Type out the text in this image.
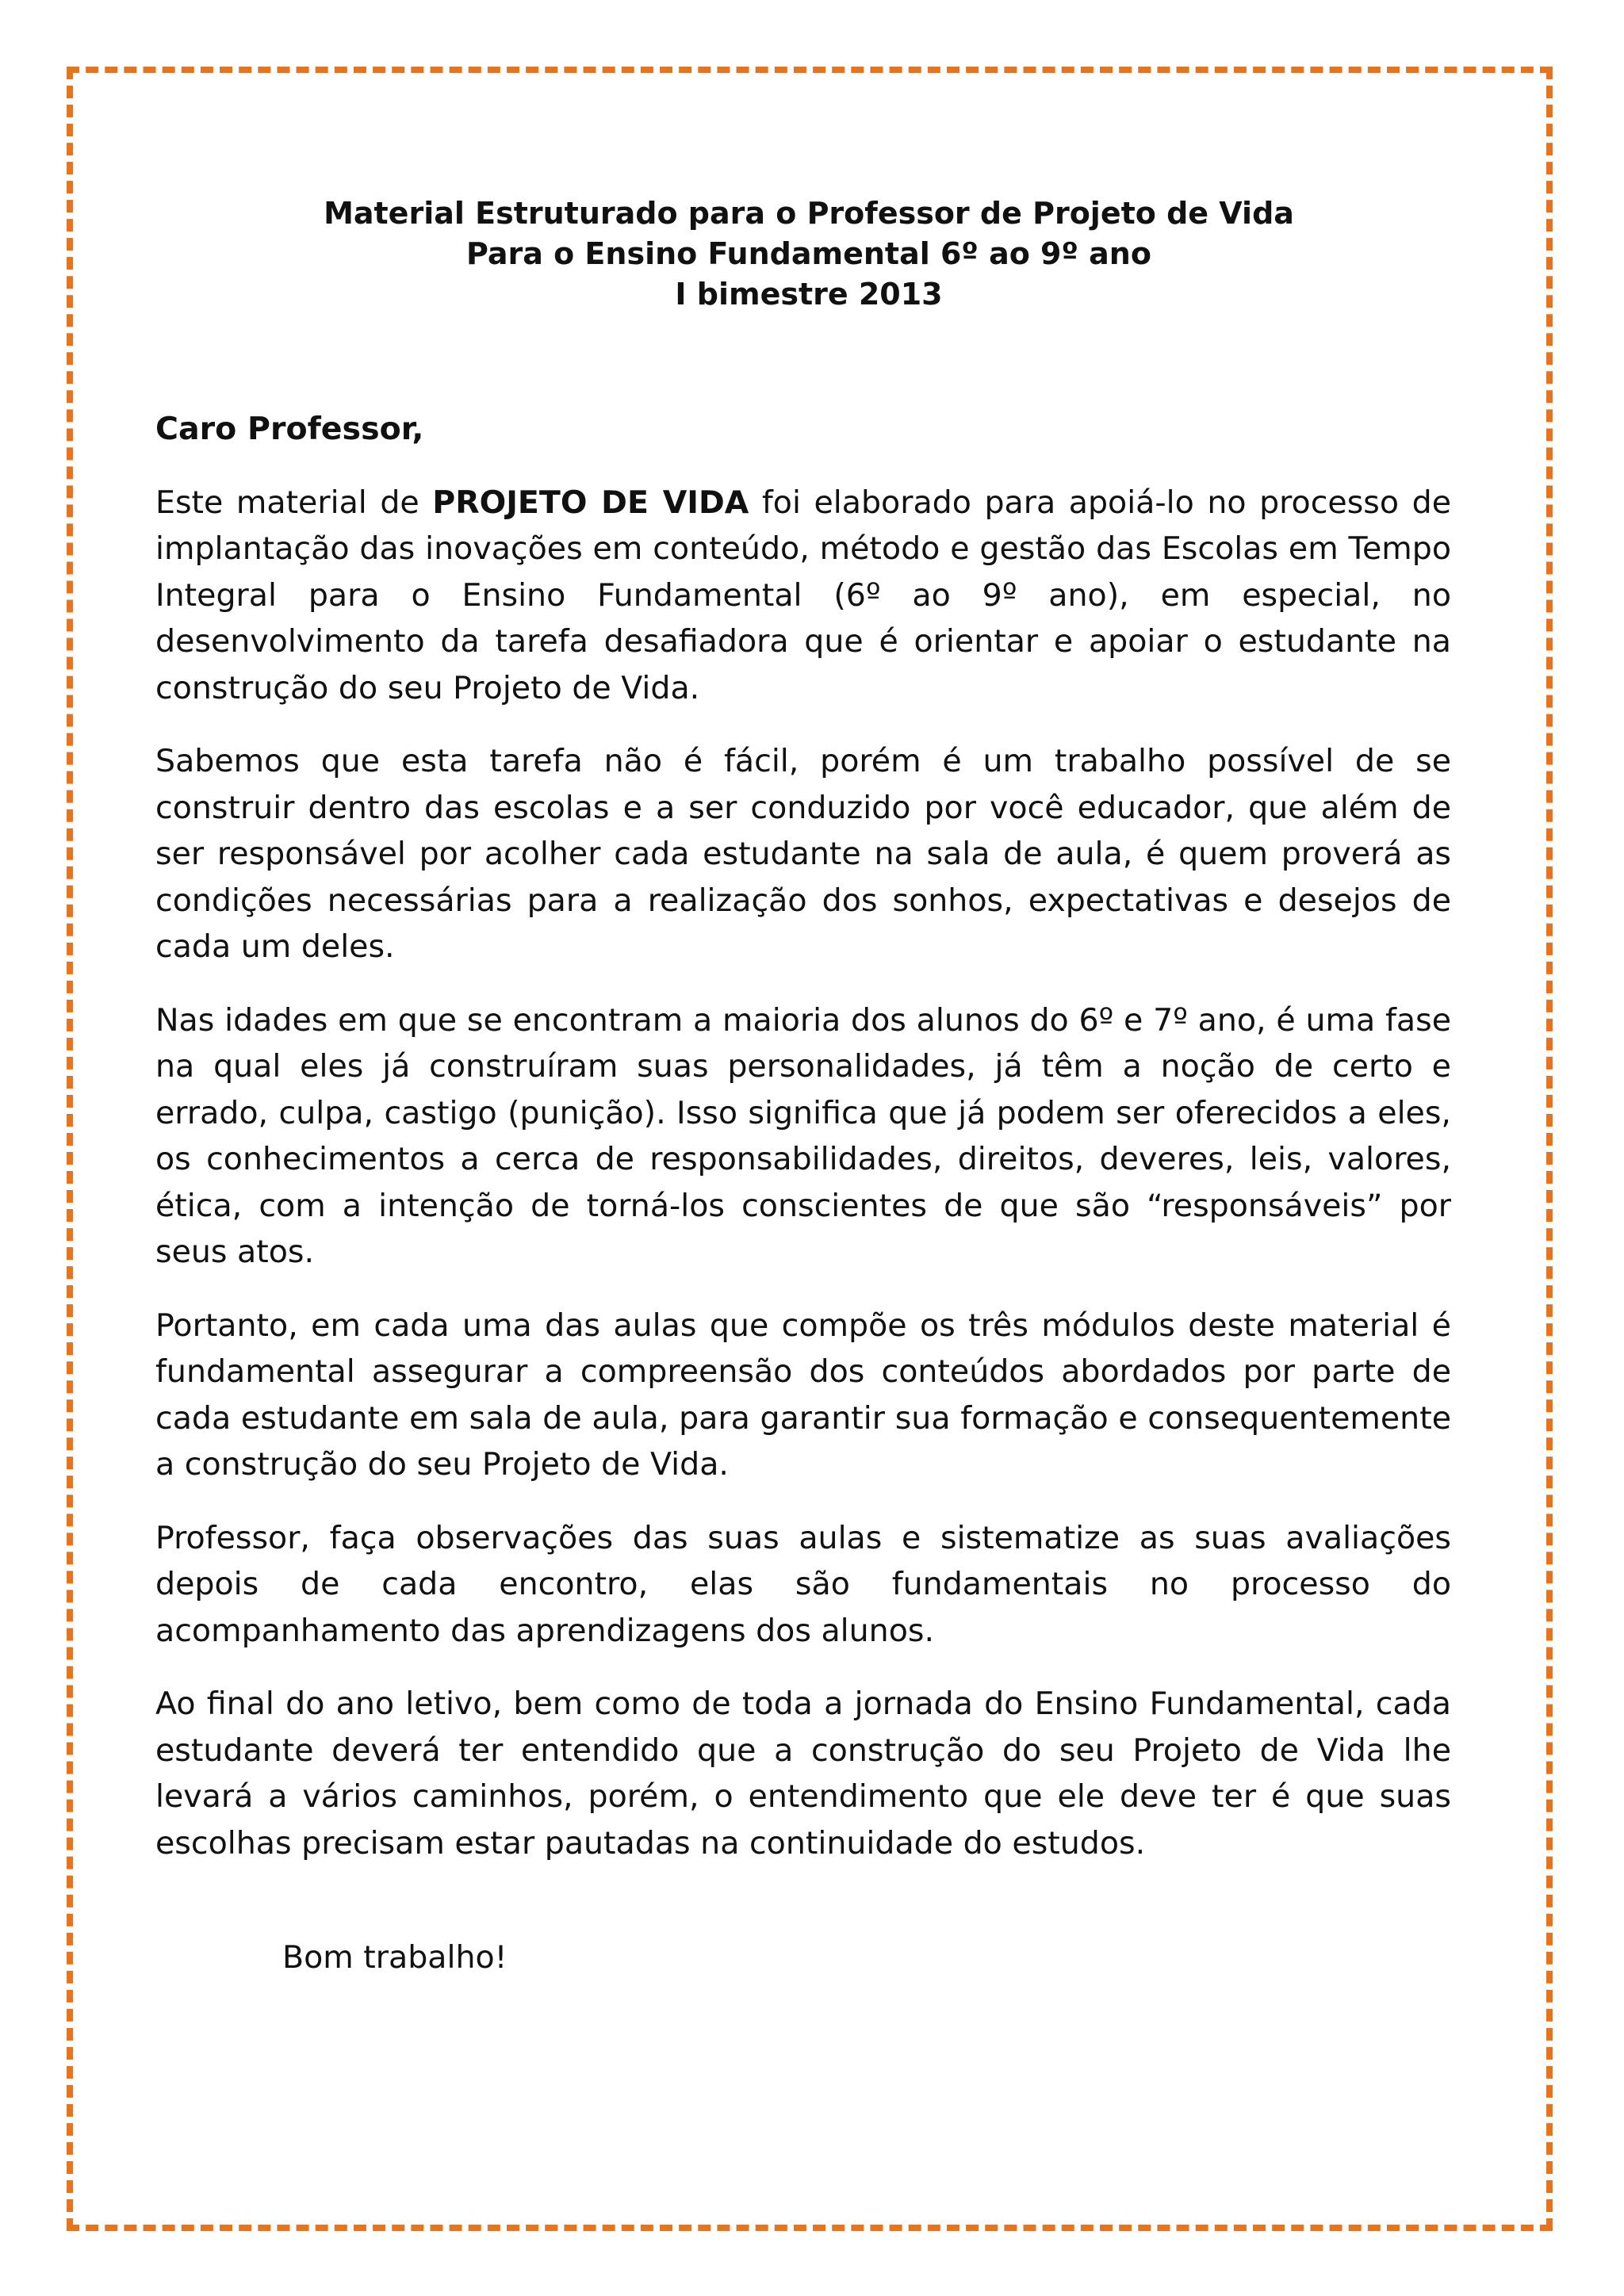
Material Estruturado para o Professor de Projeto de Vida
Para o Ensino Fundamental 6º ao 9º ano
I bimestre 2013

Caro Professor,

Este material de PROJETO DE VIDA foi elaborado para apoiá-lo no processo de implantação das inovações em conteúdo, método e gestão das Escolas em Tempo Integral para o Ensino Fundamental (6º ao 9º ano), em especial, no desenvolvimento da tarefa desafiadora que é orientar e apoiar o estudante na construção do seu Projeto de Vida.

Sabemos que esta tarefa não é fácil, porém é um trabalho possível de se construir dentro das escolas e a ser conduzido por você educador, que além de ser responsável por acolher cada estudante na sala de aula, é quem proverá as condições necessárias para a realização dos sonhos, expectativas e desejos de cada um deles.

Nas idades em que se encontram a maioria dos alunos do 6º e 7º ano, é uma fase na qual eles já construíram suas personalidades, já têm a noção de certo e errado, culpa, castigo (punição). Isso significa que já podem ser oferecidos a eles, os conhecimentos a cerca de responsabilidades, direitos, deveres, leis, valores, ética, com a intenção de torná-los conscientes de que são “responsáveis” por seus atos.

Portanto, em cada uma das aulas que compõe os três módulos deste material é fundamental assegurar a compreensão dos conteúdos abordados por parte de cada estudante em sala de aula, para garantir sua formação e consequentemente a construção do seu Projeto de Vida.

Professor, faça observações das suas aulas e sistematize as suas avaliações depois de cada encontro, elas são fundamentais no processo do acompanhamento das aprendizagens dos alunos.

Ao final do ano letivo, bem como de toda a jornada do Ensino Fundamental, cada estudante deverá ter entendido que a construção do seu Projeto de Vida lhe levará a vários caminhos, porém, o entendimento que ele deve ter é que suas escolhas precisam estar pautadas na continuidade do estudos.

Bom trabalho!
